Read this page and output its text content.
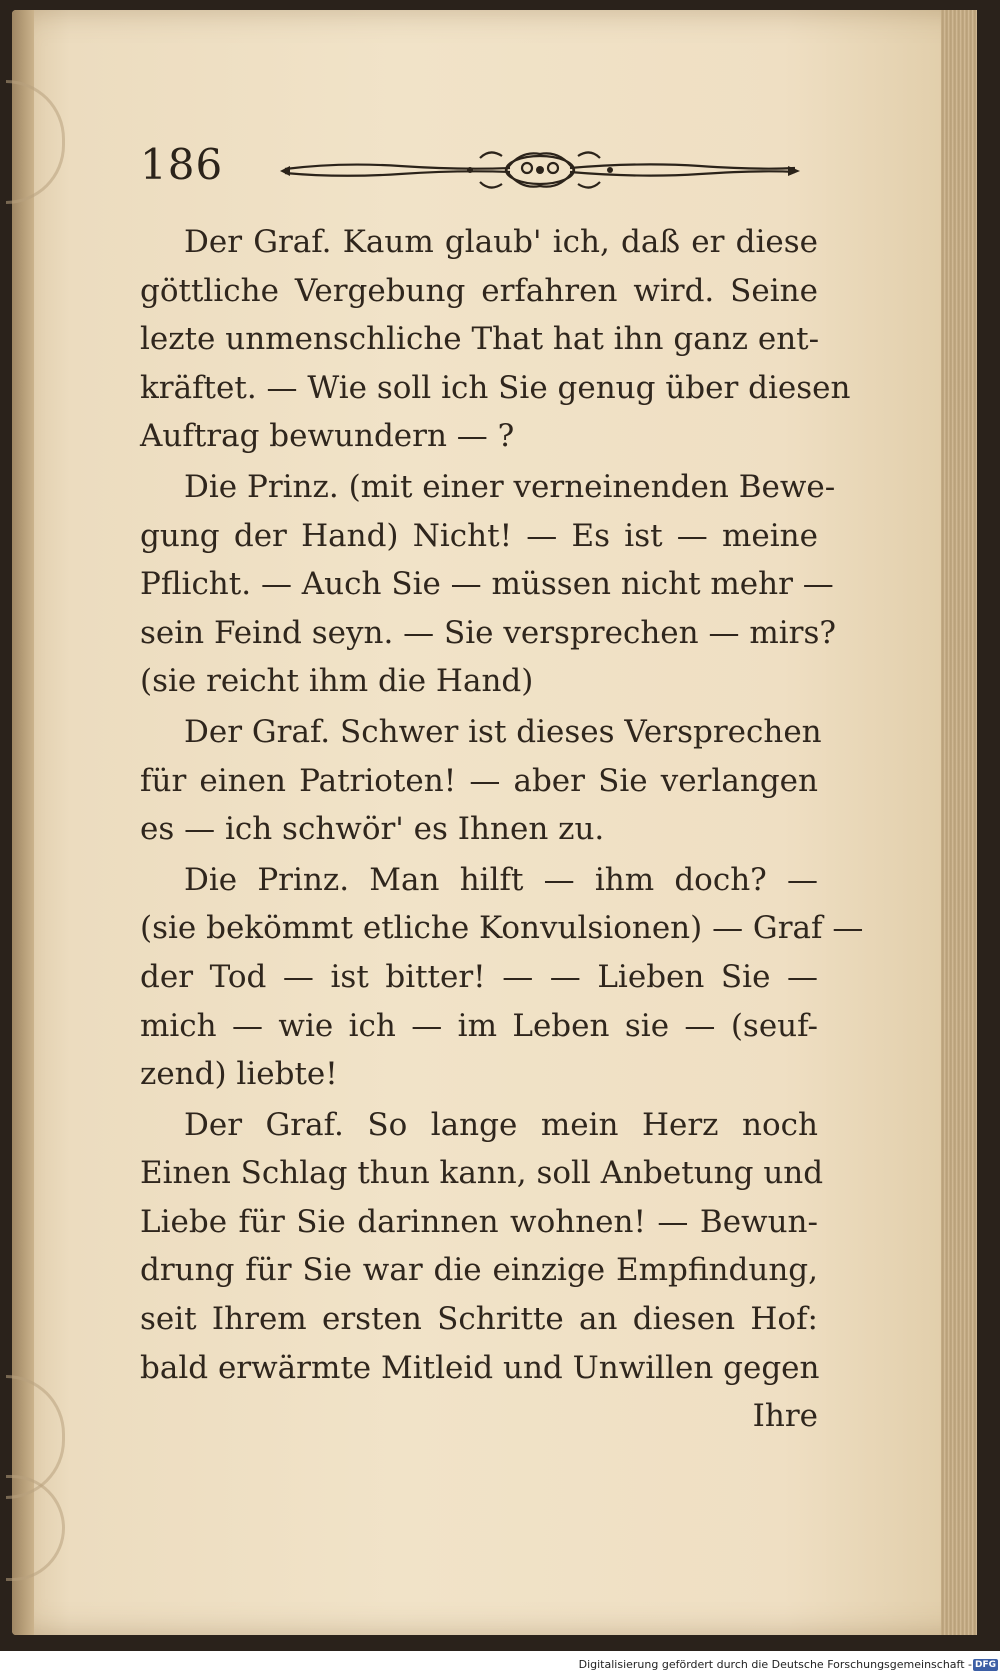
186
Der Graf. Kaum glaub' ich, daß er diese
göttliche Vergebung erfahren wird. Seine
lezte unmenschliche That hat ihn ganz ent-
kräftet. — Wie soll ich Sie genug über diesen
Auftrag bewundern — ?
Die Prinz. (mit einer verneinenden Bewe-
gung der Hand) Nicht! — Es ist — meine
Pflicht. — Auch Sie — müssen nicht mehr —
sein Feind seyn. — Sie versprechen — mirs?
(sie reicht ihm die Hand)
Der Graf. Schwer ist dieses Versprechen
für einen Patrioten! — aber Sie verlangen
es — ich schwör' es Ihnen zu.
Die Prinz. Man hilft — ihm doch? —
(sie bekömmt etliche Konvulsionen) — Graf —
der Tod — ist bitter! — — Lieben Sie —
mich — wie ich — im Leben sie — (seuf-
zend) liebte!
Der Graf. So lange mein Herz noch
Einen Schlag thun kann, soll Anbetung und
Liebe für Sie darinnen wohnen! — Bewun-
drung für Sie war die einzige Empfindung,
seit Ihrem ersten Schritte an diesen Hof:
bald erwärmte Mitleid und Unwillen gegen
Ihre
Digitalisierung gefördert durch die Deutsche Forschungsgemeinschaft - DFG
